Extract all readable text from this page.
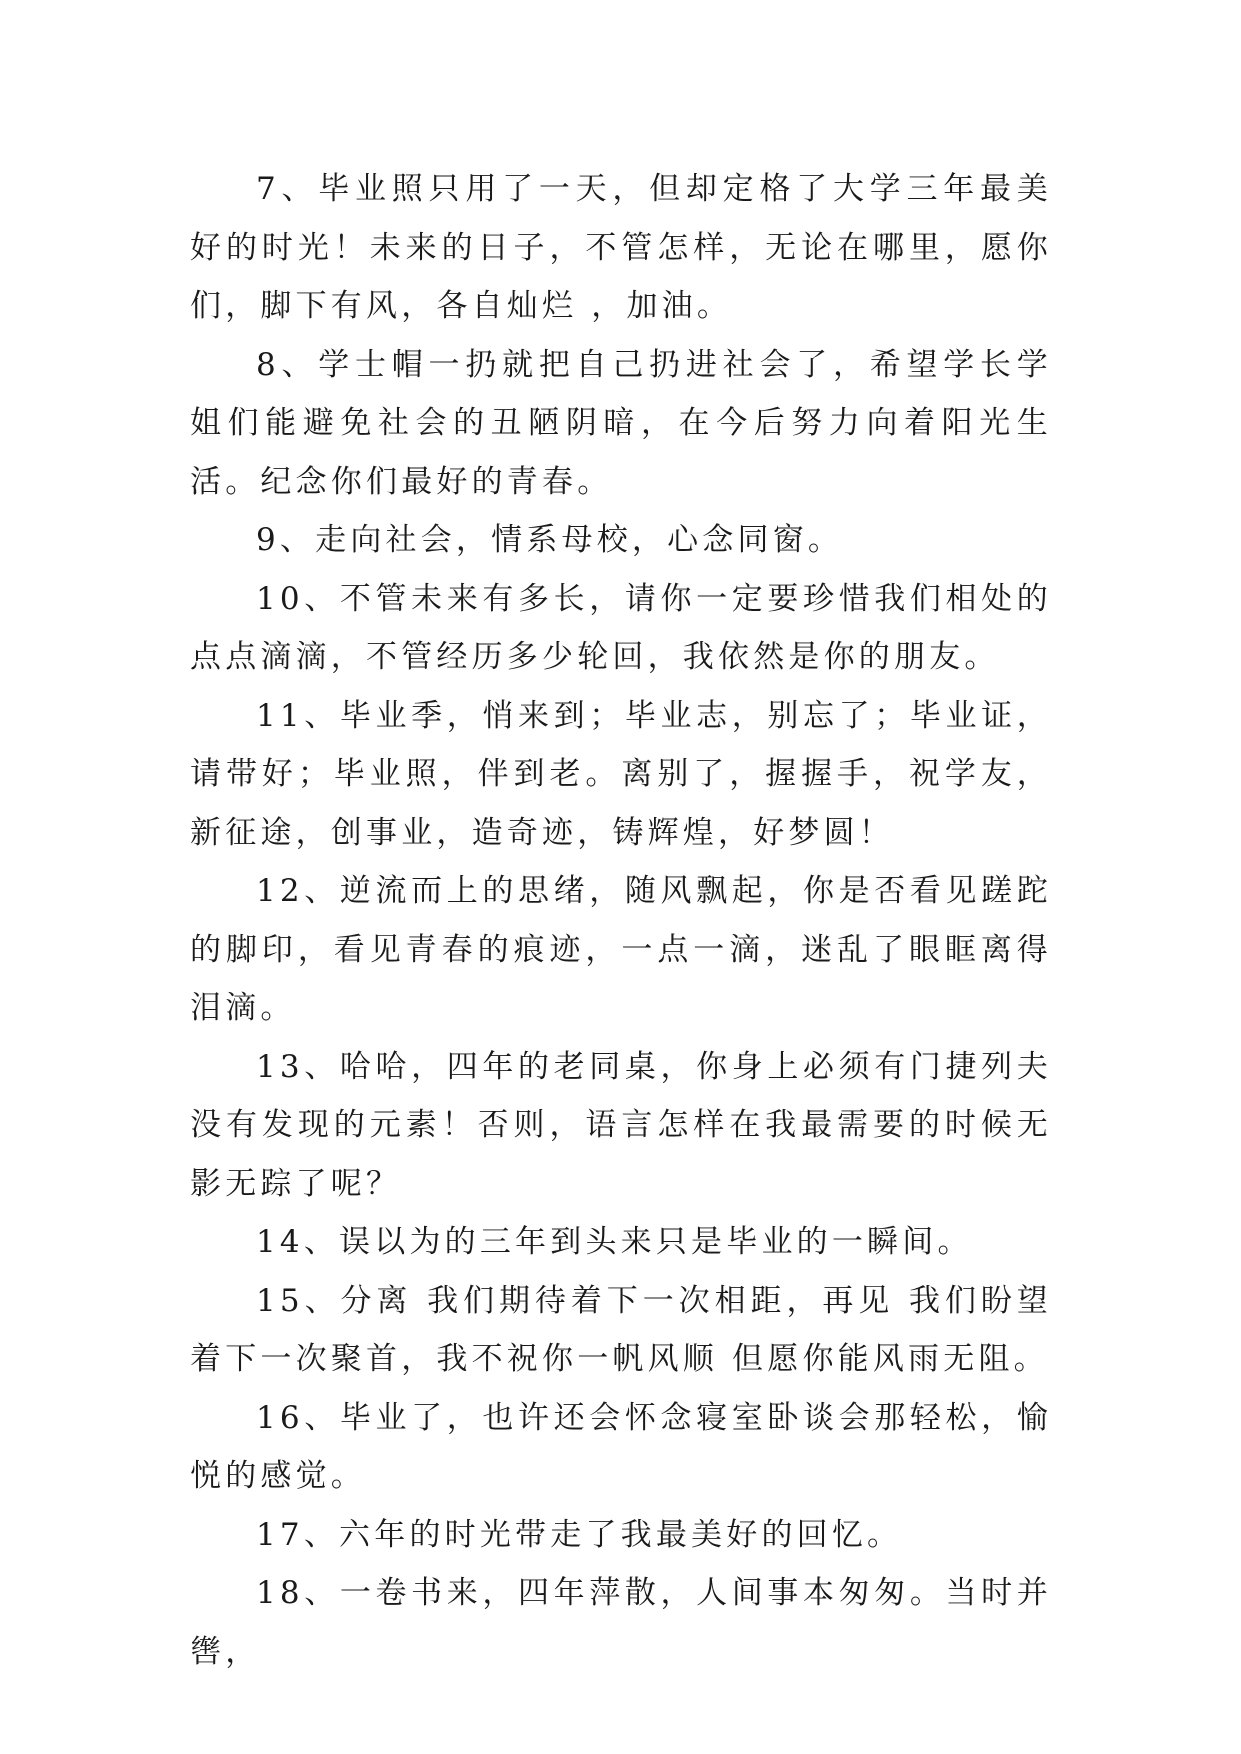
7、毕业照只用了一天，但却定格了大学三年最美好的时光！未来的日子，不管怎样，无论在哪里，愿你们，脚下有风，各自灿烂 ，加油。

8、学士帽一扔就把自己扔进社会了，希望学长学姐们能避免社会的丑陋阴暗，在今后努力向着阳光生活。纪念你们最好的青春。

9、走向社会，情系母校，心念同窗。

10、不管未来有多长，请你一定要珍惜我们相处的点点滴滴，不管经历多少轮回，我依然是你的朋友。

11、毕业季，悄来到；毕业志，别忘了；毕业证，请带好；毕业照，伴到老。离别了，握握手，祝学友，新征途，创事业，造奇迹，铸辉煌，好梦圆！

12、逆流而上的思绪，随风飘起，你是否看见蹉跎的脚印，看见青春的痕迹，一点一滴，迷乱了眼眶离得泪滴。

13、哈哈，四年的老同桌，你身上必须有门捷列夫没有发现的元素！否则，语言怎样在我最需要的时候无影无踪了呢？

14、误以为的三年到头来只是毕业的一瞬间。

15、分离 我们期待着下一次相距，再见 我们盼望着下一次聚首，我不祝你一帆风顺 但愿你能风雨无阻。

16、毕业了，也许还会怀念寝室卧谈会那轻松，愉悦的感觉。

17、六年的时光带走了我最美好的回忆。

18、一卷书来，四年萍散，人间事本匆匆。当时并辔，
